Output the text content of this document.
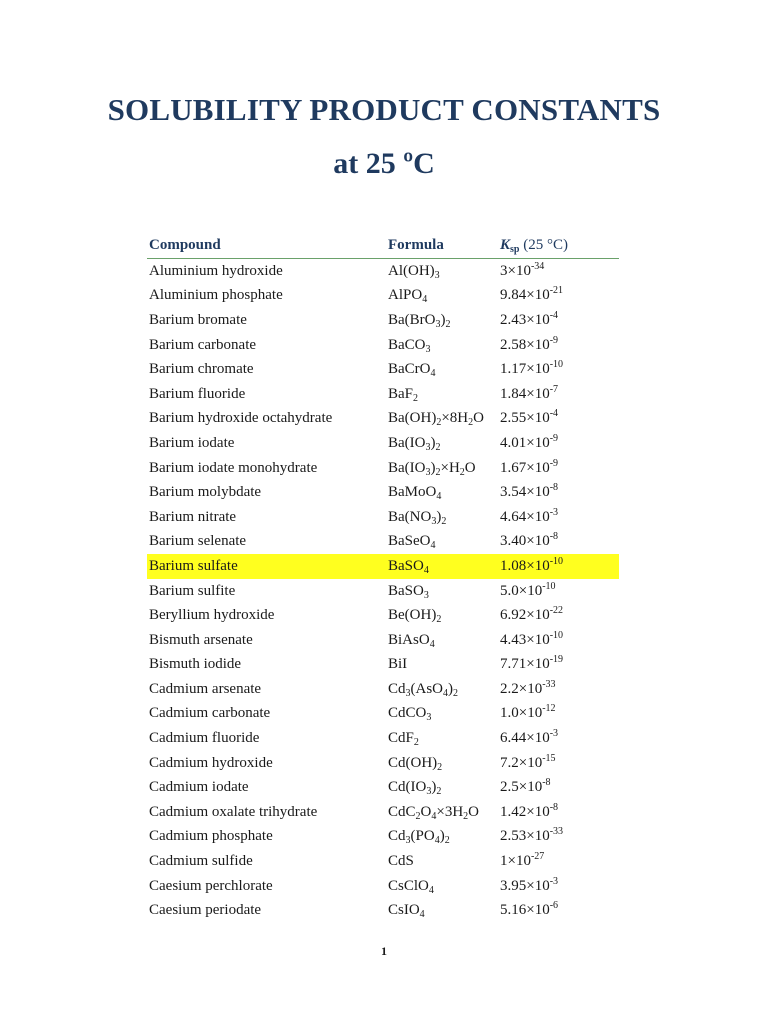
SOLUBILITY PRODUCT CONSTANTS
at 25 ºC
Compound	Formula	$K_{sp}$ (25 °C)
Aluminium hydroxide	$Al(OH)_3$	$3\times 10^{-34}$
Aluminium phosphate	AlPO$_4$	$9.84\times 10^{-21}$
Barium bromate	$Ba(BrO_3)_2$	$2.43\times 10^{-4}$
Barium carbonate	BaCO$_3$	$2.58\times 10^{-9}$
Barium chromate	BaCrO$_4$	$1.17\times 10^{-10}$
Barium fluoride	BaF$_2$	$1.84\times 10^{-7}$
Barium hydroxide octahydrate	$Ba(OH)_2\times 8H_2O$	$2.55\times 10^{-4}$
Barium iodate	$Ba(IO_3)_2$	$4.01\times 10^{-9}$
Barium iodate monohydrate	$Ba(IO_3)_2\times H_2O$	$1.67\times 10^{-9}$
Barium molybdate	BaMoO$_4$	$3.54\times 10^{-8}$
Barium nitrate	$Ba(NO_3)_2$	$4.64\times 10^{-3}$
Barium selenate	BaSeO$_4$	$3.40\times 10^{-8}$
Barium sulfate	BaSO$_4$	$1.08\times 10^{-10}$
Barium sulfite	BaSO$_3$	$5.0\times 10^{-10}$
Beryllium hydroxide	$Be(OH)_2$	$6.92\times 10^{-22}$
Bismuth arsenate	BiAsO$_4$	$4.43\times 10^{-10}$
Bismuth iodide	BiI	$7.71\times 10^{-19}$
Cadmium arsenate	$Cd_3(AsO_4)_2$	$2.2\times 10^{-33}$
Cadmium carbonate	CdCO$_3$	$1.0\times 10^{-12}$
Cadmium fluoride	CdF$_2$	$6.44\times 10^{-3}$
Cadmium hydroxide	$Cd(OH)_2$	$7.2\times 10^{-15}$
Cadmium iodate	$Cd(IO_3)_2$	$2.5\times 10^{-8}$
Cadmium oxalate trihydrate	$CdC_2O_4\times 3H_2O$	$1.42\times 10^{-8}$
Cadmium phosphate	$Cd_3(PO_4)_2$	$2.53\times 10^{-33}$
Cadmium sulfide	CdS	$1\times 10^{-27}$
Caesium perchlorate	CsClO$_4$	$3.95\times 10^{-3}$
Caesium periodate	CsIO$_4$	$5.16\times 10^{-6}$
1
